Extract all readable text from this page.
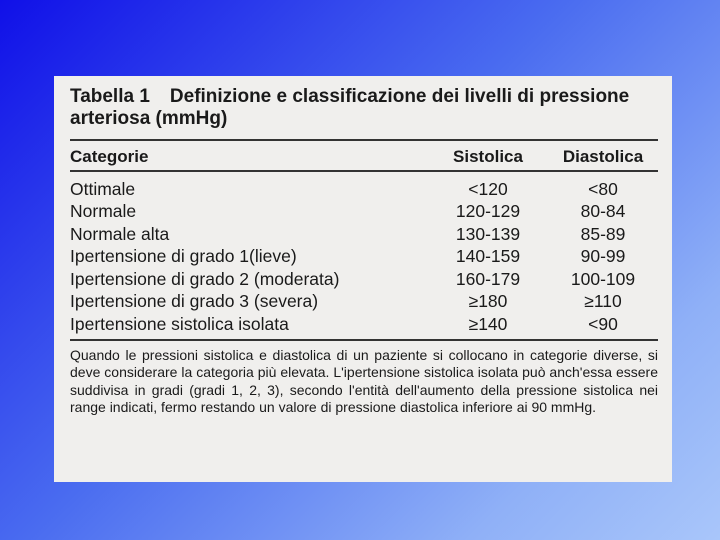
Tabella 1 Definizione e classificazione dei livelli di pressione arteriosa (mmHg)

Categorie	Sistolica	Diastolica
Ottimale	<120	<80
Normale	120-129	80-84
Normale alta	130-139	85-89
Ipertensione di grado 1(lieve)	140-159	90-99
Ipertensione di grado 2 (moderata)	160-179	100-109
Ipertensione di grado 3 (severa)	≥180	≥110
Ipertensione sistolica isolata	≥140	<90

Quando le pressioni sistolica e diastolica di un paziente si collocano in categorie diverse, si deve considerare la categoria più elevata. L'ipertensione sistolica isolata può anch'essa essere suddivisa in gradi (gradi 1, 2, 3), secondo l'entità dell'aumento della pressione sistolica nei range indicati, fermo restando un valore di pressione diastolica inferiore ai 90 mmHg.
